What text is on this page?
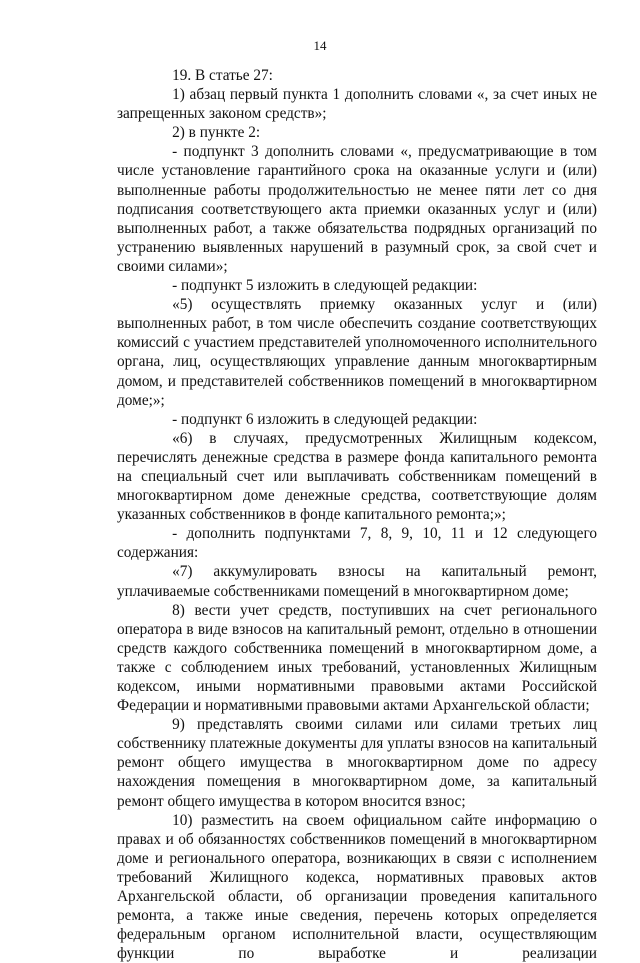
14

19. В статье 27:

1) абзац первый пункта 1 дополнить словами «, за счет иных не запрещенных законом средств»;

2) в пункте 2:

- подпункт 3 дополнить словами «, предусматривающие в том числе установление гарантийного срока на оказанные услуги и (или) выполненные работы продолжительностью не менее пяти лет со дня подписания соответствующего акта приемки оказанных услуг и (или) выполненных работ, а также обязательства подрядных организаций по устранению выявленных нарушений в разумный срок, за свой счет и своими силами»;

- подпункт 5 изложить в следующей редакции:

«5) осуществлять приемку оказанных услуг и (или) выполненных работ, в том числе обеспечить создание соответствующих комиссий с участием представителей уполномоченного исполнительного органа, лиц, осуществляющих управление данным многоквартирным домом, и представителей собственников помещений в многоквартирном доме;»;

- подпункт 6 изложить в следующей редакции:

«6) в случаях, предусмотренных Жилищным кодексом, перечислять денежные средства в размере фонда капитального ремонта на специальный счет или выплачивать собственникам помещений в многоквартирном доме денежные средства, соответствующие долям указанных собственников в фонде капитального ремонта;»;

- дополнить подпунктами 7, 8, 9, 10, 11 и 12 следующего содержания:

«7) аккумулировать взносы на капитальный ремонт, уплачиваемые собственниками помещений в многоквартирном доме;

8) вести учет средств, поступивших на счет регионального оператора в виде взносов на капитальный ремонт, отдельно в отношении средств каждого собственника помещений в многоквартирном доме, а также с соблюдением иных требований, установленных Жилищным кодексом, иными нормативными правовыми актами Российской Федерации и нормативными правовыми актами Архангельской области;

9) представлять своими силами или силами третьих лиц собственнику платежные документы для уплаты взносов на капитальный ремонт общего имущества в многоквартирном доме по адресу нахождения помещения в многоквартирном доме, за капитальный ремонт общего имущества в котором вносится взнос;

10) разместить на своем официальном сайте информацию о правах и об обязанностях собственников помещений в многоквартирном доме и регионального оператора, возникающих в связи с исполнением требований Жилищного кодекса, нормативных правовых актов Архангельской области, об организации проведения капитального ремонта, а также иные сведения, перечень которых определяется федеральным органом исполнительной власти, осуществляющим функции по выработке и реализации
